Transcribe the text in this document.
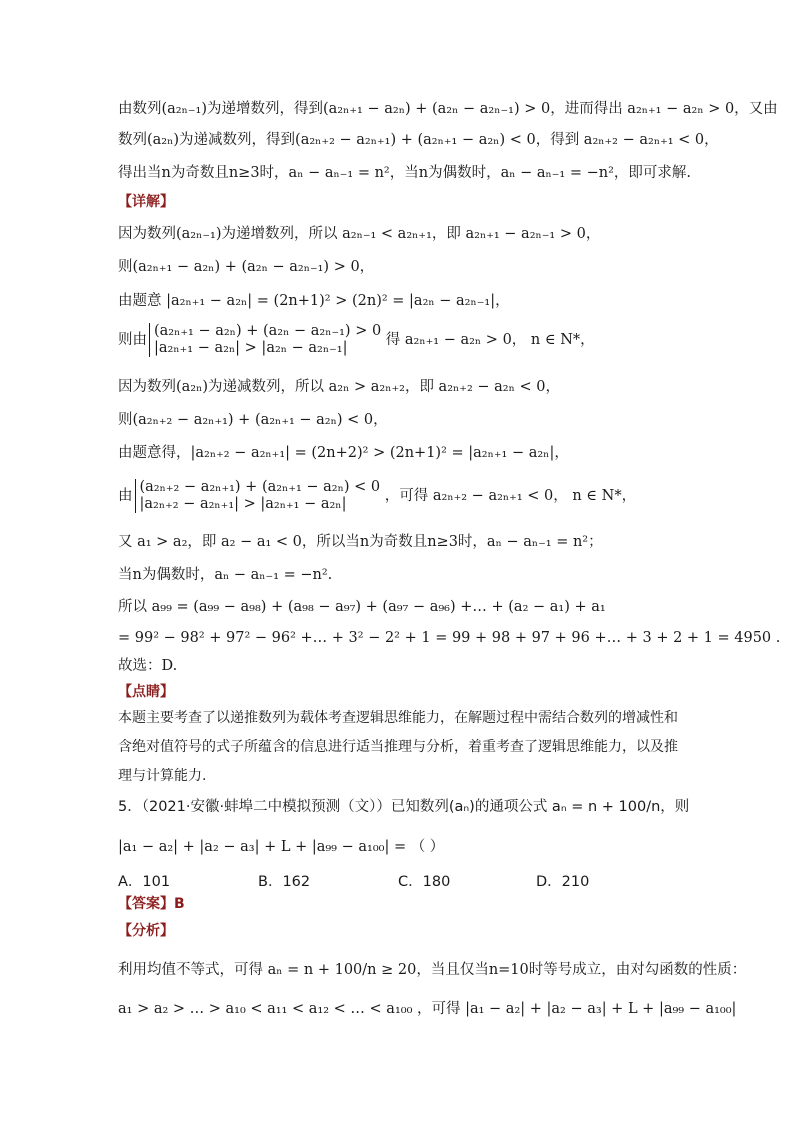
由数列(a₂ₙ₋₁)为递增数列，得到(a₂ₙ₊₁ − a₂ₙ) + (a₂ₙ − a₂ₙ₋₁) > 0，进而得出 a₂ₙ₊₁ − a₂ₙ > 0，又由
数列(a₂ₙ)为递减数列，得到(a₂ₙ₊₂ − a₂ₙ₊₁) + (a₂ₙ₊₁ − a₂ₙ) < 0，得到 a₂ₙ₊₂ − a₂ₙ₊₁ < 0，
得出当n为奇数且n≥3时，aₙ − aₙ₋₁ = n²，当n为偶数时，aₙ − aₙ₋₁ = −n²，即可求解.
【详解】
因为数列(a₂ₙ₋₁)为递增数列，所以 a₂ₙ₋₁ < a₂ₙ₊₁，即 a₂ₙ₊₁ − a₂ₙ₋₁ > 0，
则(a₂ₙ₊₁ − a₂ₙ) + (a₂ₙ − a₂ₙ₋₁) > 0，
由题意 |a₂ₙ₊₁ − a₂ₙ| = (2n+1)² > (2n)² = |a₂ₙ − a₂ₙ₋₁|，
则由
(a₂ₙ₊₁ − a₂ₙ) + (a₂ₙ − a₂ₙ₋₁) > 0
|a₂ₙ₊₁ − a₂ₙ| > |a₂ₙ − a₂ₙ₋₁|	得 a₂ₙ₊₁ − a₂ₙ > 0， n ∈ N*，
因为数列(a₂ₙ)为递减数列，所以 a₂ₙ > a₂ₙ₊₂，即 a₂ₙ₊₂ − a₂ₙ < 0，
则(a₂ₙ₊₂ − a₂ₙ₊₁) + (a₂ₙ₊₁ − a₂ₙ) < 0，
由题意得，|a₂ₙ₊₂ − a₂ₙ₊₁| = (2n+2)² > (2n+1)² = |a₂ₙ₊₁ − a₂ₙ|，
由
(a₂ₙ₊₂ − a₂ₙ₊₁) + (a₂ₙ₊₁ − a₂ₙ) < 0
|a₂ₙ₊₂ − a₂ₙ₊₁| > |a₂ₙ₊₁ − a₂ₙ|	，可得 a₂ₙ₊₂ − a₂ₙ₊₁ < 0， n ∈ N*，
又 a₁ > a₂，即 a₂ − a₁ < 0，所以当n为奇数且n≥3时，aₙ − aₙ₋₁ = n²；
当n为偶数时，aₙ − aₙ₋₁ = −n².
所以 a₉₉ = (a₉₉ − a₉₈) + (a₉₈ − a₉₇) + (a₉₇ − a₉₆) +… + (a₂ − a₁) + a₁
= 99² − 98² + 97² − 96² +… + 3² − 2² + 1 = 99 + 98 + 97 + 96 +… + 3 + 2 + 1 = 4950 .
故选：D.
【点睛】
本题主要考查了以递推数列为载体考查逻辑思维能力，在解题过程中需结合数列的增减性和含绝对值符号的式子所蕴含的信息进行适当推理与分析，着重考查了逻辑思维能力，以及推理与计算能力.
5．（2021·安徽·蚌埠二中模拟预测（文））已知数列(aₙ)的通项公式 aₙ = n + 100/n，则
|a₁ − a₂| + |a₂ − a₃| + L + |a₉₉ − a₁₀₀| = （ ）
A．101	B．162	C．180	D．210
【答案】B
【分析】
利用均值不等式，可得 aₙ = n + 100/n ≥ 20，当且仅当n=10时等号成立，由对勾函数的性质：
a₁ > a₂ > … > a₁₀ < a₁₁ < a₁₂ < … < a₁₀₀ ，可得 |a₁ − a₂| + |a₂ − a₃| + L + |a₉₉ − a₁₀₀|
